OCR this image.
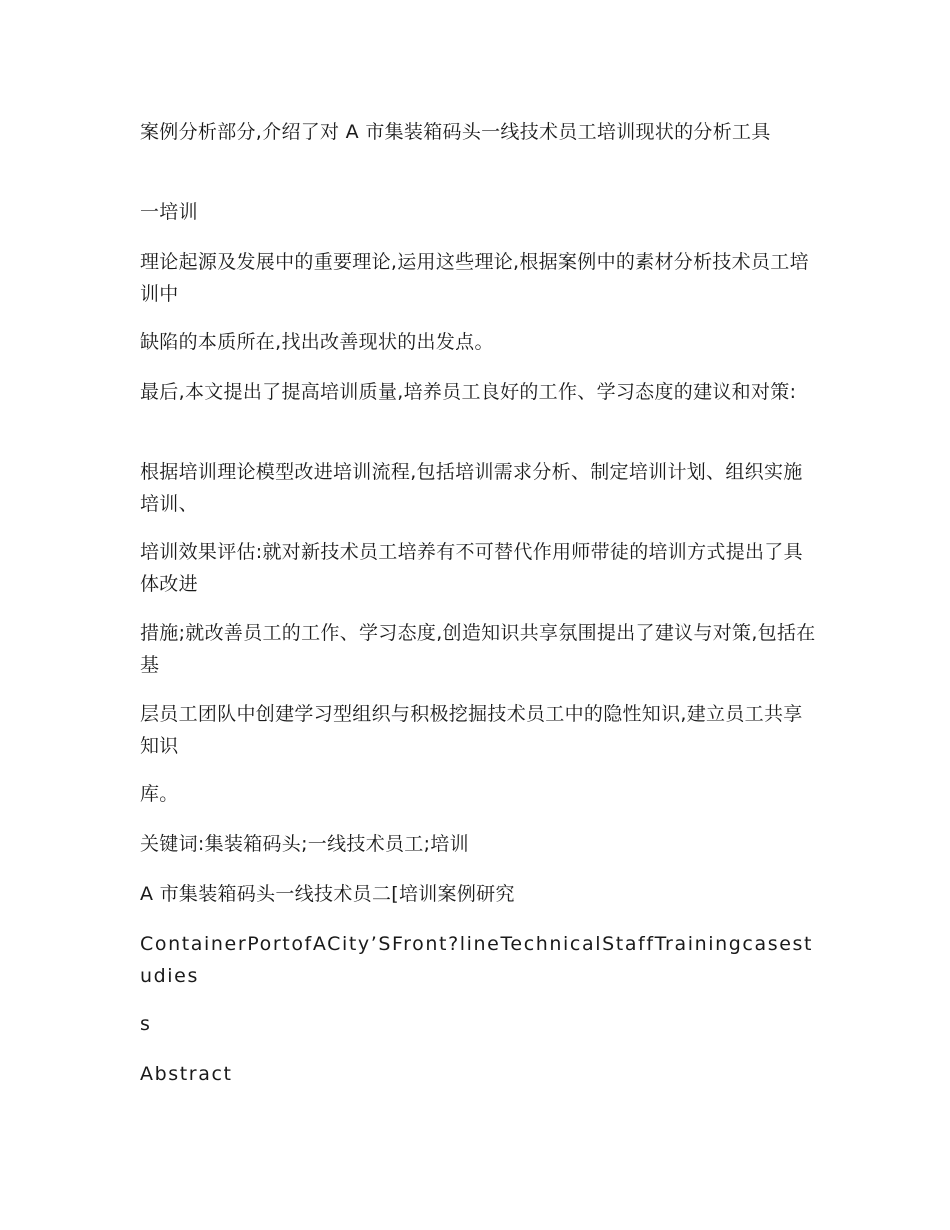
案例分析部分,介绍了对 A 市集装箱码头一线技术员工培训现状的分析工具

一培训

理论起源及发展中的重要理论,运用这些理论,根据案例中的素材分析技术员工培训中

缺陷的本质所在,找出改善现状的出发点。

最后,本文提出了提高培训质量,培养员工良好的工作、学习态度的建议和对策:

根据培训理论模型改进培训流程,包括培训需求分析、制定培训计划、组织实施培训、

培训效果评估:就对新技术员工培养有不可替代作用师带徒的培训方式提出了具体改进

措施;就改善员工的工作、学习态度,创造知识共享氛围提出了建议与对策,包括在基

层员工团队中创建学习型组织与积极挖掘技术员工中的隐性知识,建立员工共享知识

库。

关键词:集装箱码头;一线技术员工;培训

A 市集装箱码头一线技术员二[培训案例研究

ContainerPortofACity’SFront?lineTechnicalStaffTrainingcasestudies

s

Abstract
